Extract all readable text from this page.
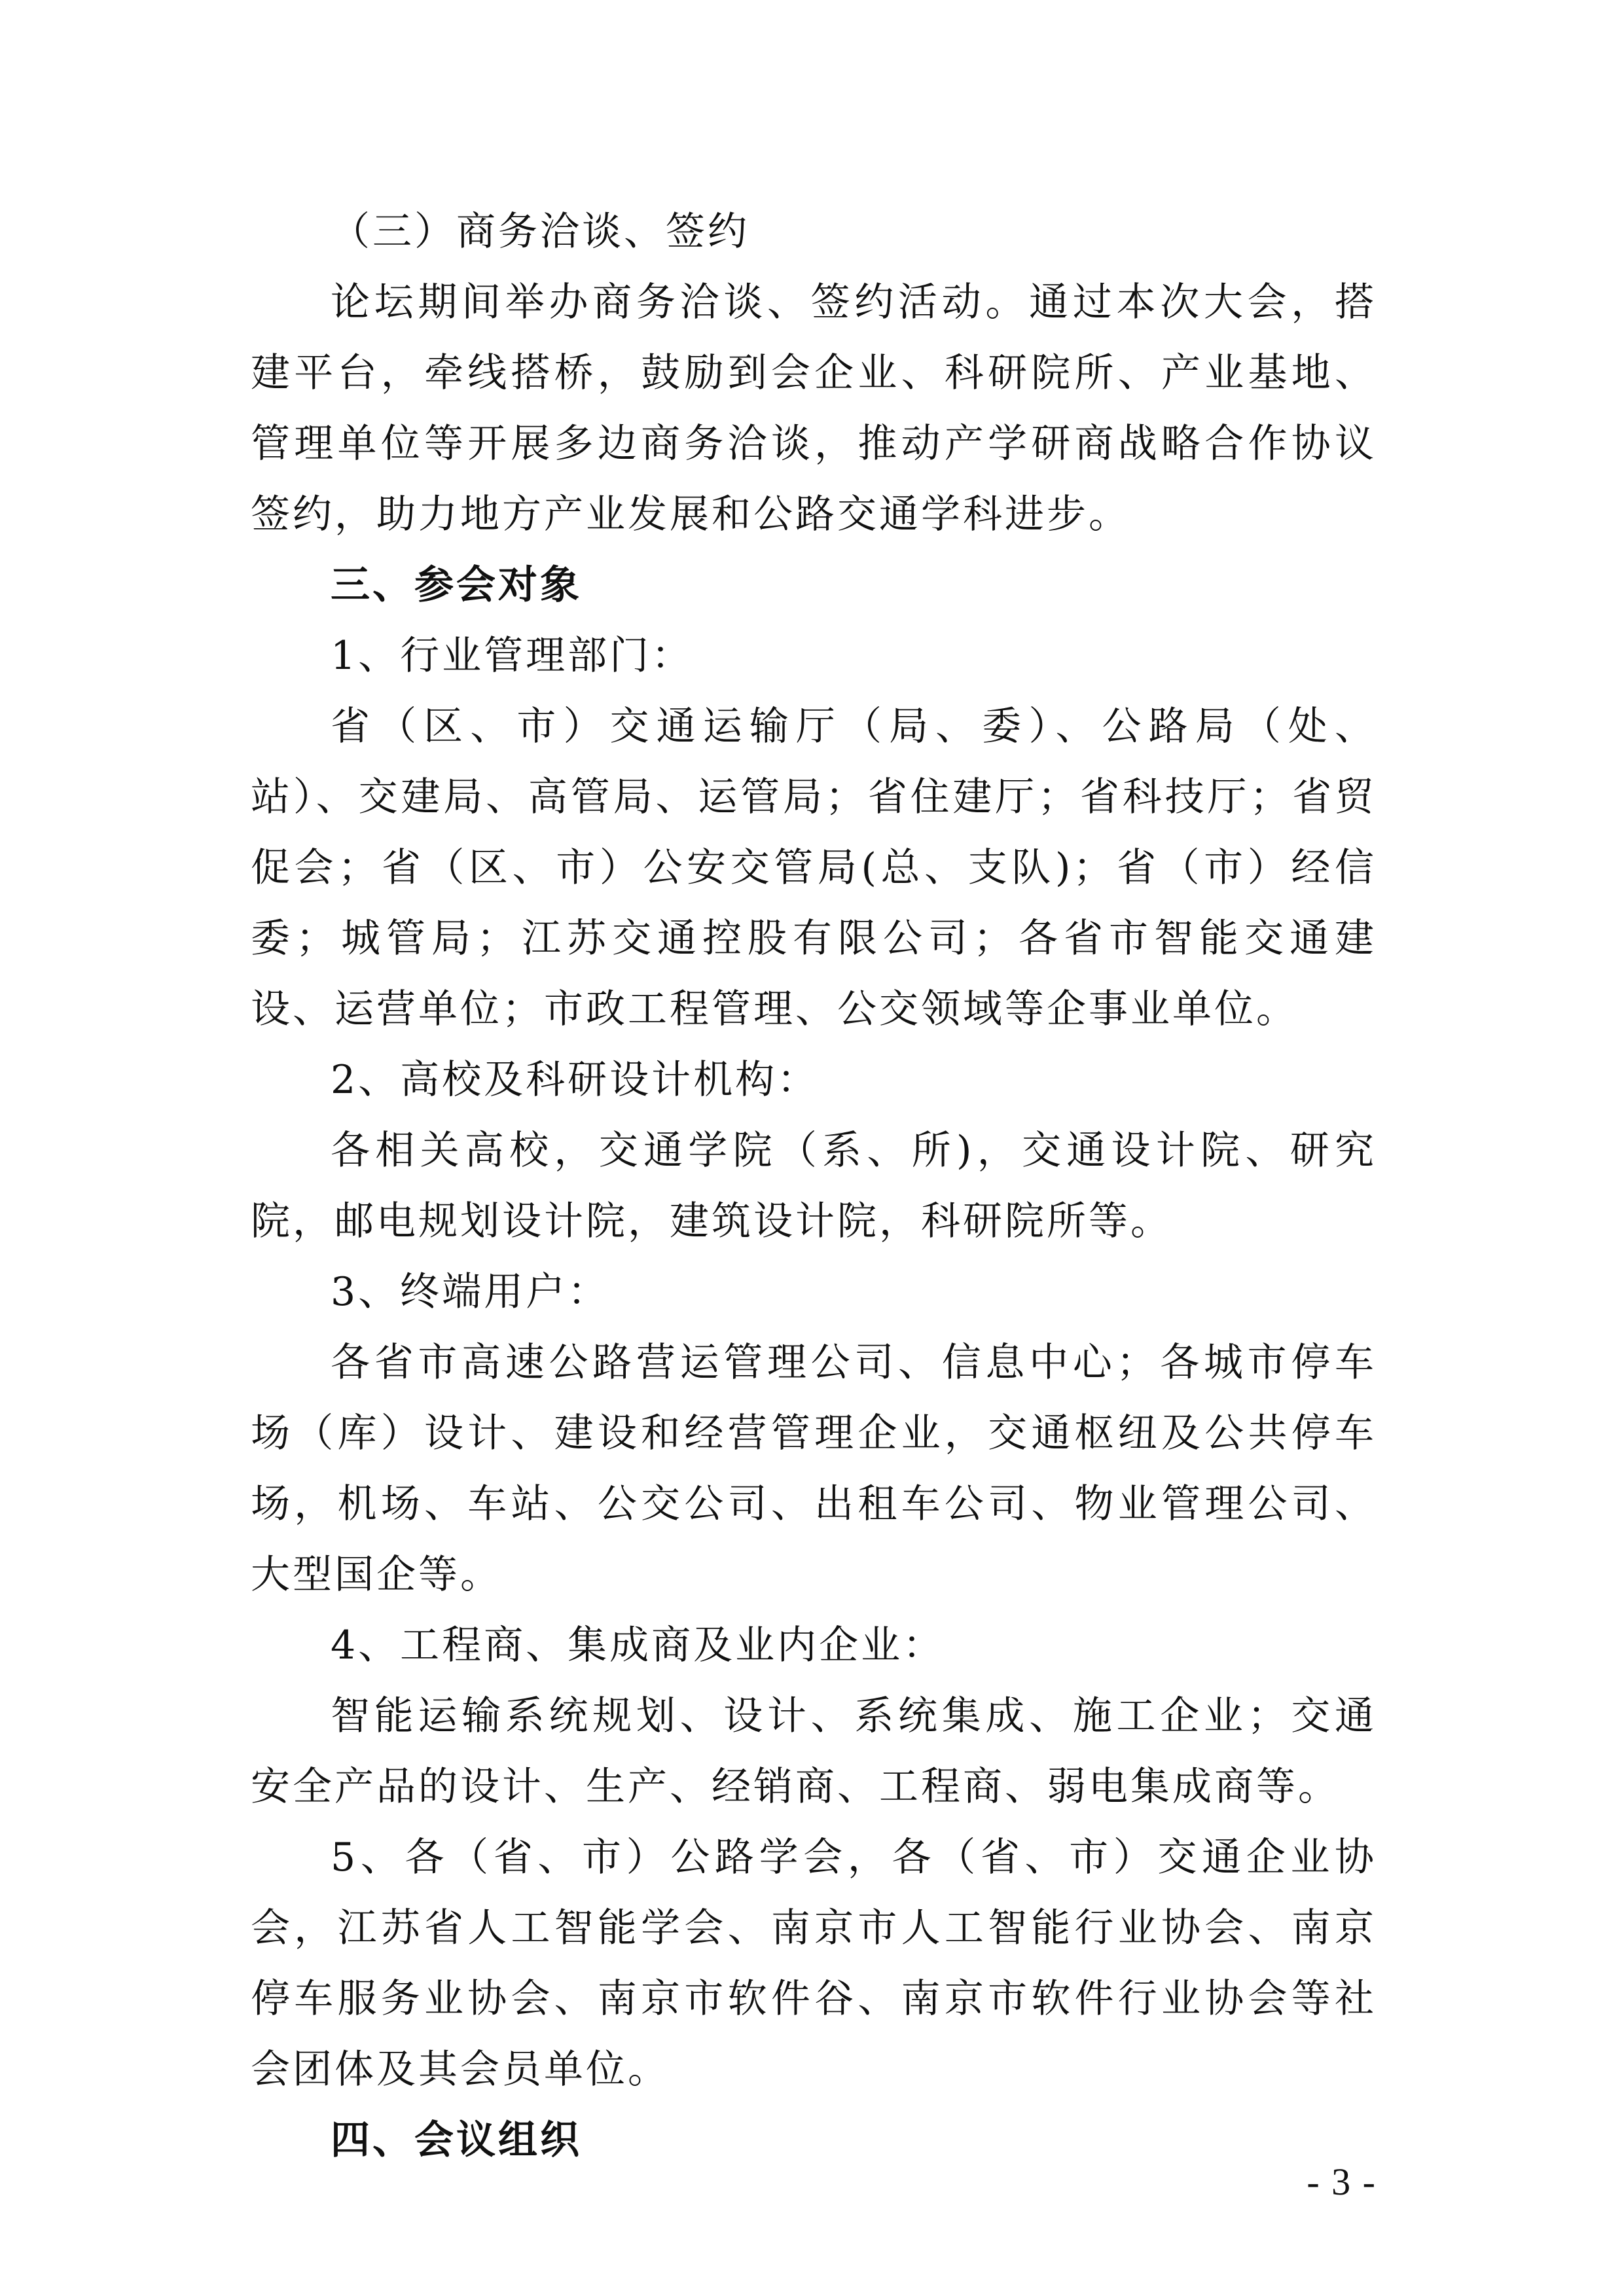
（三）商务洽谈、签约

论坛期间举办商务洽谈、签约活动。通过本次大会，搭建平台，牵线搭桥，鼓励到会企业、科研院所、产业基地、管理单位等开展多边商务洽谈，推动产学研商战略合作协议签约，助力地方产业发展和公路交通学科进步。

三、参会对象

1、行业管理部门：

省（区、市）交通运输厅（局、委）、公路局（处、站）、交建局、高管局、运管局；省住建厅；省科技厅；省贸促会；省（区、市）公安交管局(总、支队)；省（市）经信委；城管局；江苏交通控股有限公司；各省市智能交通建设、运营单位；市政工程管理、公交领域等企事业单位。

2、高校及科研设计机构：

各相关高校，交通学院（系、所)，交通设计院、研究院，邮电规划设计院，建筑设计院，科研院所等。

3、终端用户：

各省市高速公路营运管理公司、信息中心；各城市停车场（库）设计、建设和经营管理企业，交通枢纽及公共停车场，机场、车站、公交公司、出租车公司、物业管理公司、大型国企等。

4、工程商、集成商及业内企业：

智能运输系统规划、设计、系统集成、施工企业；交通安全产品的设计、生产、经销商、工程商、弱电集成商等。

5、各（省、市）公路学会，各（省、市）交通企业协会，江苏省人工智能学会、南京市人工智能行业协会、南京停车服务业协会、南京市软件谷、南京市软件行业协会等社会团体及其会员单位。

四、会议组织

- 3 -
